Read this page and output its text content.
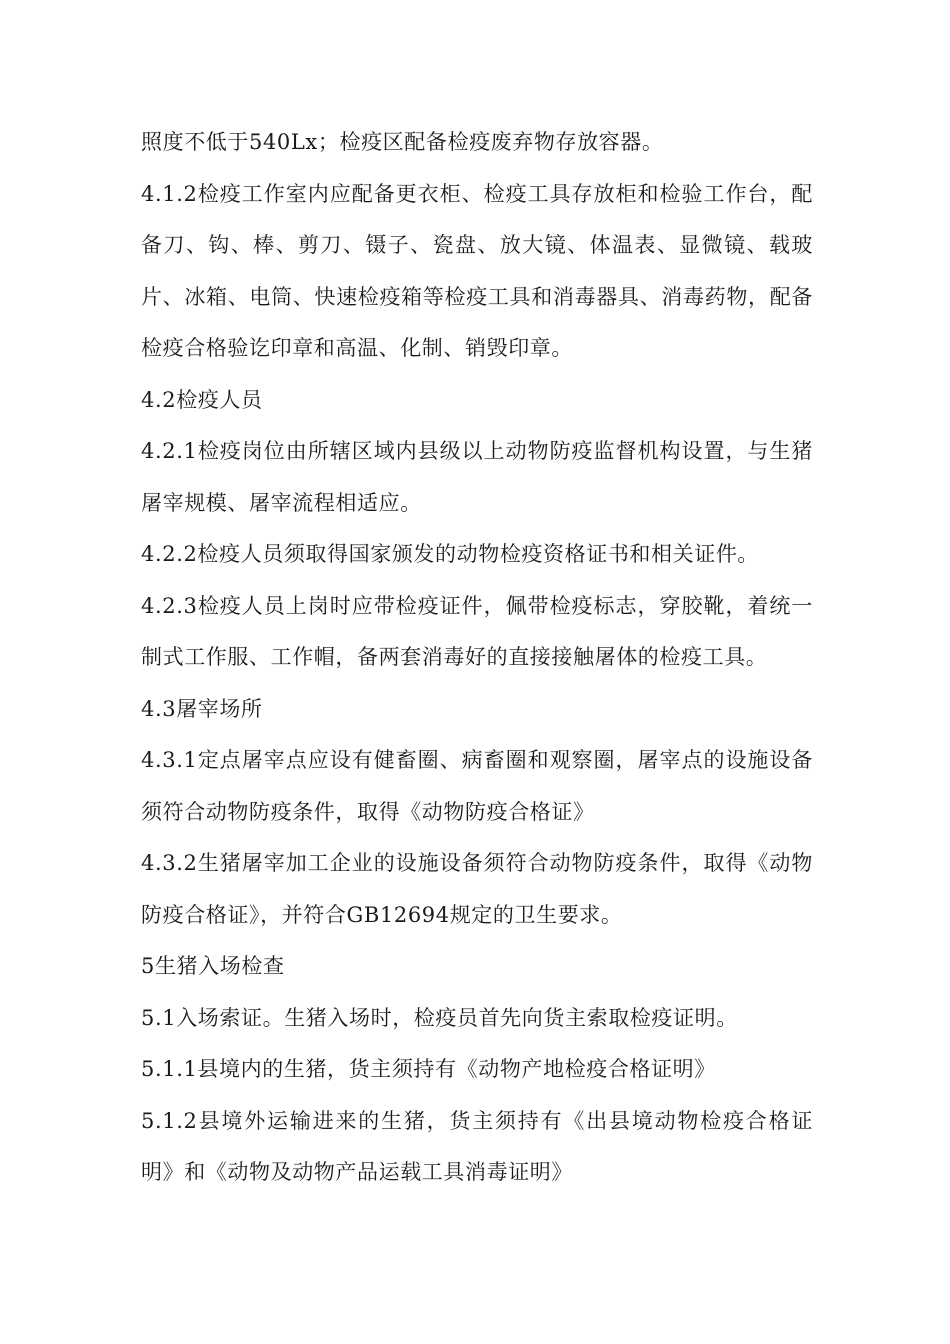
照度不低于540Lx；检疫区配备检疫废弃物存放容器。

4.1.2检疫工作室内应配备更衣柜、检疫工具存放柜和检验工作台，配备刀、钩、棒、剪刀、镊子、瓷盘、放大镜、体温表、显微镜、载玻片、冰箱、电筒、快速检疫箱等检疫工具和消毒器具、消毒药物，配备检疫合格验讫印章和高温、化制、销毁印章。

4.2检疫人员

4.2.1检疫岗位由所辖区域内县级以上动物防疫监督机构设置，与生猪屠宰规模、屠宰流程相适应。

4.2.2检疫人员须取得国家颁发的动物检疫资格证书和相关证件。

4.2.3检疫人员上岗时应带检疫证件，佩带检疫标志，穿胶靴，着统一制式工作服、工作帽，备两套消毒好的直接接触屠体的检疫工具。

4.3屠宰场所

4.3.1定点屠宰点应设有健畜圈、病畜圈和观察圈，屠宰点的设施设备须符合动物防疫条件，取得《动物防疫合格证》

4.3.2生猪屠宰加工企业的设施设备须符合动物防疫条件，取得《动物防疫合格证》，并符合GB12694规定的卫生要求。

5生猪入场检查

5.1入场索证。生猪入场时，检疫员首先向货主索取检疫证明。

5.1.1县境内的生猪，货主须持有《动物产地检疫合格证明》

5.1.2县境外运输进来的生猪，货主须持有《出县境动物检疫合格证明》和《动物及动物产品运载工具消毒证明》
